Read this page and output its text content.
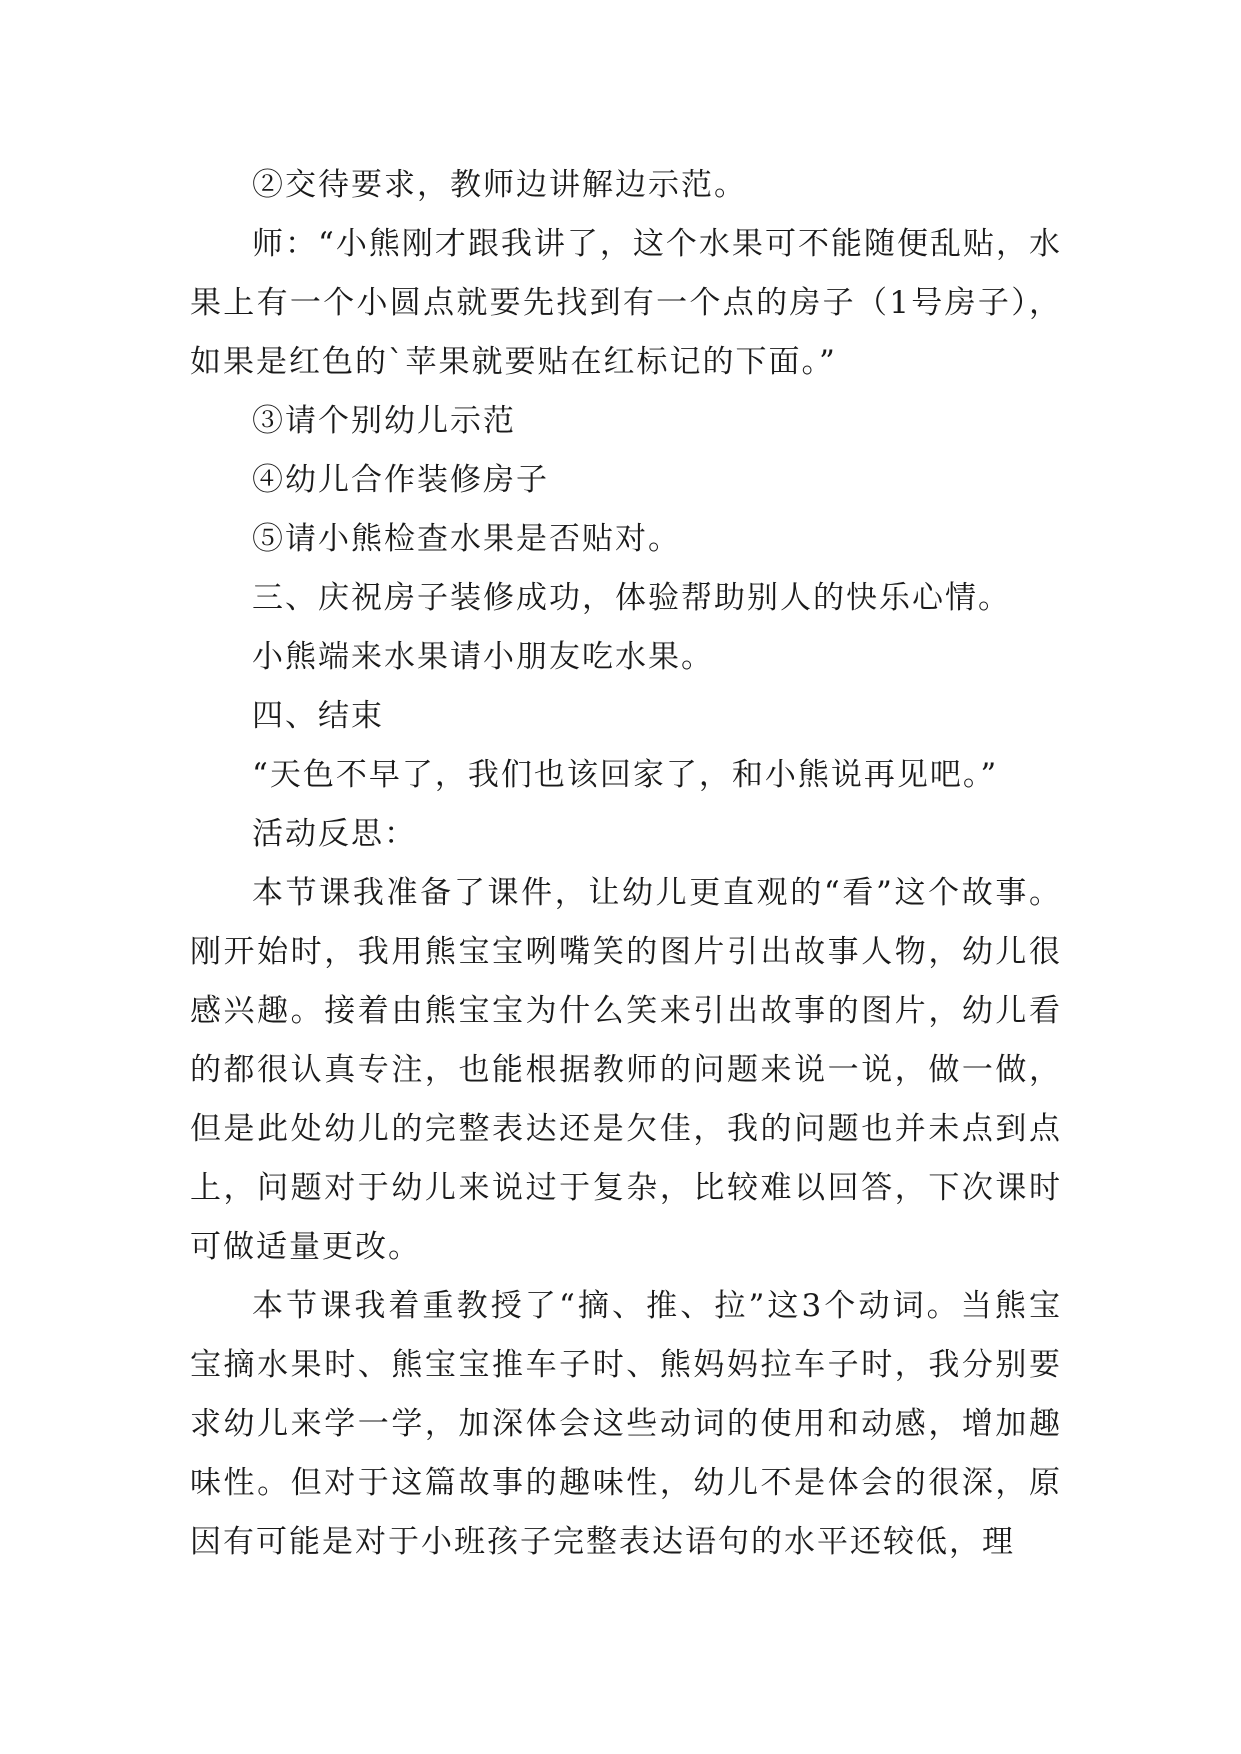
②交待要求，教师边讲解边示范。

师：“小熊刚才跟我讲了，这个水果可不能随便乱贴，水果上有一个小圆点就要先找到有一个点的房子（1号房子），如果是红色的`苹果就要贴在红标记的下面。”

③请个别幼儿示范

④幼儿合作装修房子

⑤请小熊检查水果是否贴对。

三、庆祝房子装修成功，体验帮助别人的快乐心情。

小熊端来水果请小朋友吃水果。

四、结束

“天色不早了，我们也该回家了，和小熊说再见吧。”

活动反思：

本节课我准备了课件，让幼儿更直观的“看”这个故事。刚开始时，我用熊宝宝咧嘴笑的图片引出故事人物，幼儿很感兴趣。接着由熊宝宝为什么笑来引出故事的图片，幼儿看的都很认真专注，也能根据教师的问题来说一说，做一做，但是此处幼儿的完整表达还是欠佳，我的问题也并未点到点上，问题对于幼儿来说过于复杂，比较难以回答，下次课时可做适量更改。

本节课我着重教授了“摘、推、拉”这3个动词。当熊宝宝摘水果时、熊宝宝推车子时、熊妈妈拉车子时，我分别要求幼儿来学一学，加深体会这些动词的使用和动感，增加趣味性。但对于这篇故事的趣味性，幼儿不是体会的很深，原因有可能是对于小班孩子完整表达语句的水平还较低，理
